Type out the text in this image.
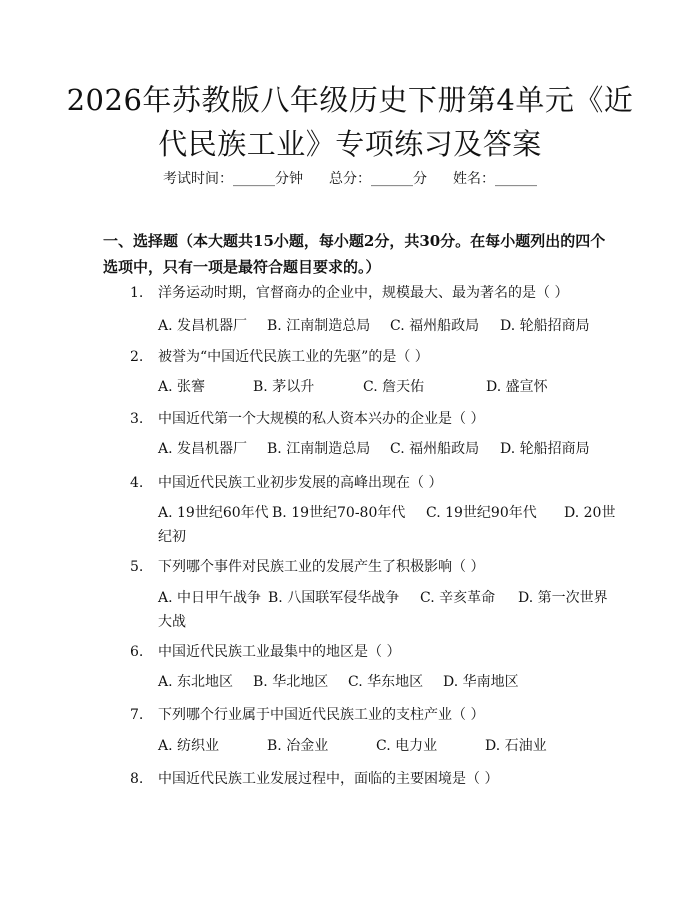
2026年苏教版八年级历史下册第4单元《近代民族工业》专项练习及答案
考试时间：______分钟 总分：______分 姓名：______
一、选择题（本大题共15小题，每小题2分，共30分。在每小题列出的四个选项中，只有一项是最符合题目要求的。）
1. 洋务运动时期，官督商办的企业中，规模最大、最为著名的是（ ）
A. 发昌机器厂 B. 江南制造总局 C. 福州船政局 D. 轮船招商局
2. 被誉为“中国近代民族工业的先驱”的是（ ）
A. 张謇	B. 茅以升	C. 詹天佑	D. 盛宣怀
3. 中国近代第一个大规模的私人资本兴办的企业是（ ）
A. 发昌机器厂 B. 江南制造总局 C. 福州船政局 D. 轮船招商局
4. 中国近代民族工业初步发展的高峰出现在（ ）
A. 19世纪60年代 B. 19世纪70-80年代 C. 19世纪90年代 D. 20世纪初
5. 下列哪个事件对民族工业的发展产生了积极影响（ ）
A. 中日甲午战争 B. 八国联军侵华战争 C. 辛亥革命 D. 第一次世界大战
6. 中国近代民族工业最集中的地区是（ ）
A. 东北地区 B. 华北地区 C. 华东地区 D. 华南地区
7. 下列哪个行业属于中国近代民族工业的支柱产业（ ）
A. 纺织业	B. 冶金业	C. 电力业	D. 石油业
8. 中国近代民族工业发展过程中，面临的主要困境是（ ）
